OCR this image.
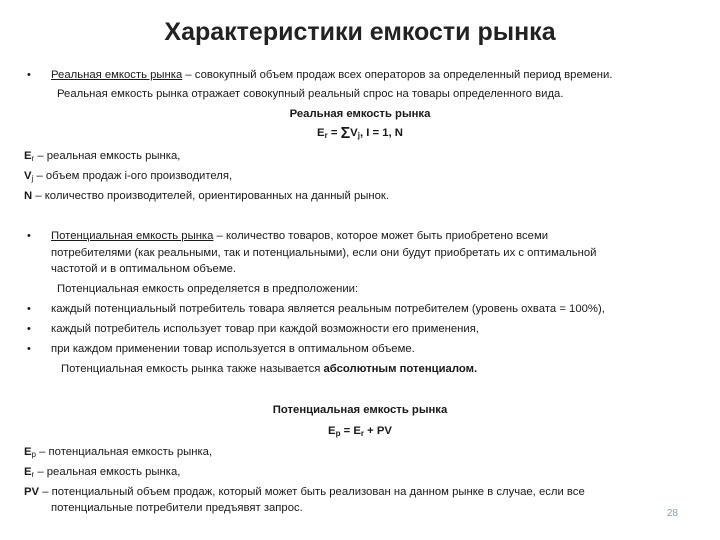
Характеристики емкости рынка
• Реальная емкость рынка – совокупный объем продаж всех операторов за определенный период времени.
Реальная емкость рынка отражает совокупный реальный спрос на товары определенного вида.
Реальная емкость рынка
$E_r = \Sigma V_j$, I = 1, N
$E_r$ – реальная емкость рынка,
$V_j$ – объем продаж i-ого производителя,
N – количество производителей, ориентированных на данный рынок.
• Потенциальная емкость рынка – количество товаров, которое может быть приобретено всеми
потребителями (как реальными, так и потенциальными), если они будут приобретать их с оптимальной
частотой и в оптимальном объеме.
Потенциальная емкость определяется в предположении:
• каждый потенциальный потребитель товара является реальным потребителем (уровень охвата = 100%),
• каждый потребитель использует товар при каждой возможности его применения,
• при каждом применении товар используется в оптимальном объеме.
Потенциальная емкость рынка также называется абсолютным потенциалом.
Потенциальная емкость рынка
$E_p = E_r$ + PV
$E_p$ – потенциальная емкость рынка,
$E_r$ – реальная емкость рынка,
PV – потенциальный объем продаж, который может быть реализован на данном рынке в случае, если все
потенциальные потребители предъявят запрос.	28
